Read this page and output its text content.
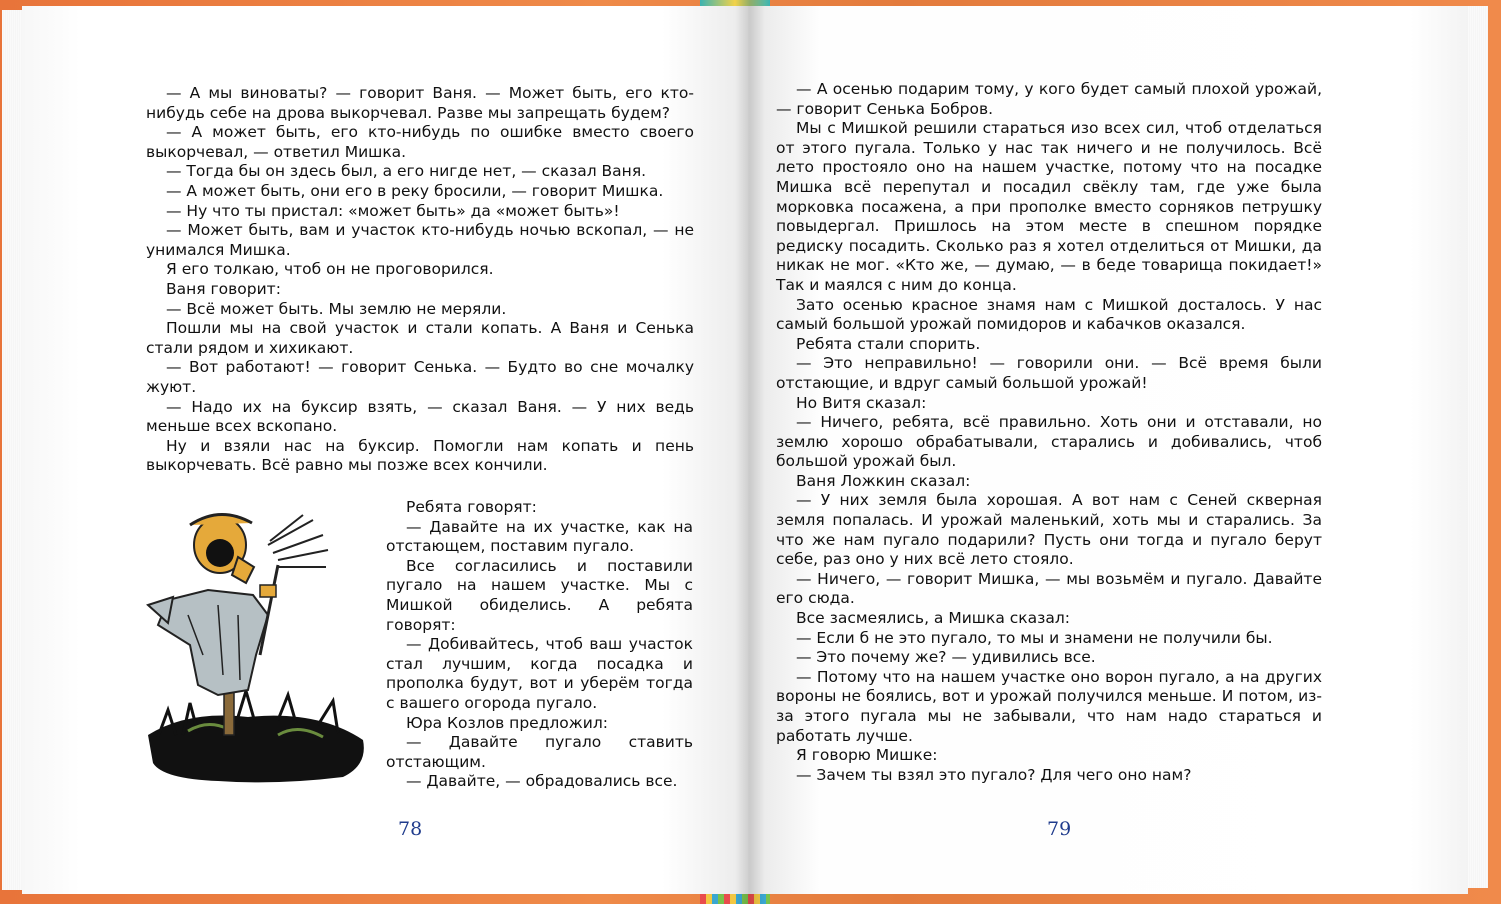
— А мы виноваты? — говорит Ваня. — Может быть, его кто-нибудь себе на дрова выкорчевал. Разве мы запрещать будем?

— А может быть, его кто-нибудь по ошибке вместо своего выкорчевал, — ответил Мишка.

— Тогда бы он здесь был, а его нигде нет, — сказал Ваня.

— А может быть, они его в реку бросили, — говорит Мишка.

— Ну что ты пристал: «может быть» да «может быть»!

— Может быть, вам и участок кто-нибудь ночью вскопал, — не унимался Мишка.

Я его толкаю, чтоб он не проговорился.

Ваня говорит:

— Всё может быть. Мы землю не меряли.

Пошли мы на свой участок и стали копать. А Ваня и Сенька стали рядом и хихикают.

— Вот работают! — говорит Сенька. — Будто во сне мочалку жуют.

— Надо их на буксир взять, — сказал Ваня. — У них ведь меньше всех вскопано.

Ну и взяли нас на буксир. Помогли нам копать и пень выкорчевать. Всё равно мы позже всех кончили.

Ребята говорят:

— Давайте на их участке, как на отстающем, поставим пугало.

Все согласились и поставили пугало на нашем участке. Мы с Мишкой обиделись. А ребята говорят:

— Добивайтесь, чтоб ваш участок стал лучшим, когда посадка и прополка будут, вот и уберём тогда с вашего огорода пугало.

Юра Козлов предложил:

— Давайте пугало ставить отстающим.

— Давайте, — обрадовались все.

78

— А осенью подарим тому, у кого будет самый плохой урожай, — говорит Сенька Бобров.

Мы с Мишкой решили стараться изо всех сил, чтоб отделаться от этого пугала. Только у нас так ничего и не получилось. Всё лето простояло оно на нашем участке, потому что на посадке Мишка всё перепутал и посадил свёклу там, где уже была морковка посажена, а при прополке вместо сорняков петрушку повыдергал. Пришлось на этом месте в спешном порядке редиску посадить. Сколько раз я хотел отделиться от Мишки, да никак не мог. «Кто же, — думаю, — в беде товарища покидает!» Так и маялся с ним до конца.

Зато осенью красное знамя нам с Мишкой досталось. У нас самый большой урожай помидоров и кабачков оказался.

Ребята стали спорить.

— Это неправильно! — говорили они. — Всё время были отстающие, и вдруг самый большой урожай!

Но Витя сказал:

— Ничего, ребята, всё правильно. Хоть они и отставали, но землю хорошо обрабатывали, старались и добивались, чтоб большой урожай был.

Ваня Ложкин сказал:

— У них земля была хорошая. А вот нам с Сеней скверная земля попалась. И урожай маленький, хоть мы и старались. За что же нам пугало подарили? Пусть они тогда и пугало берут себе, раз оно у них всё лето стояло.

— Ничего, — говорит Мишка, — мы возьмём и пугало. Давайте его сюда.

Все засмеялись, а Мишка сказал:

— Если б не это пугало, то мы и знамени не получили бы.

— Это почему же? — удивились все.

— Потому что на нашем участке оно ворон пугало, а на других вороны не боялись, вот и урожай получился меньше. И потом, из-за этого пугала мы не забывали, что нам надо стараться и работать лучше.

Я говорю Мишке:

— Зачем ты взял это пугало? Для чего оно нам?

79
